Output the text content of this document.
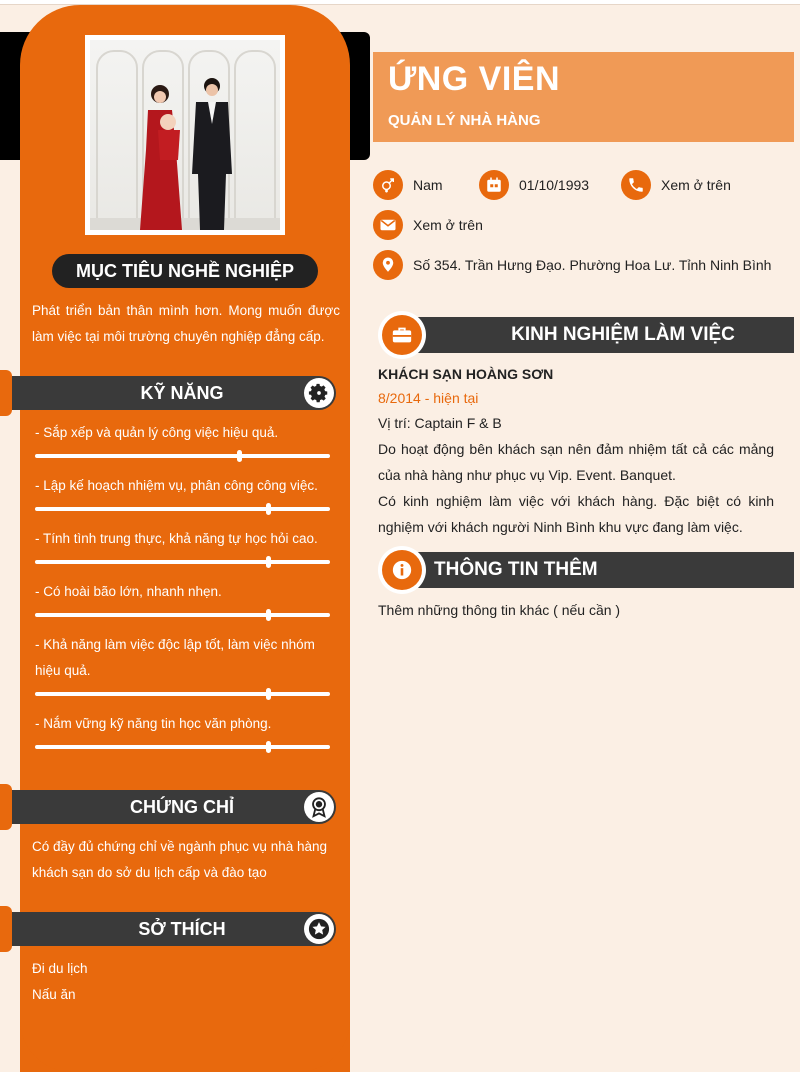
MỤC TIÊU NGHỀ NGHIỆP
Phát triển bản thân mình hơn. Mong muốn được làm việc tại môi trường chuyên nghiệp đẳng cấp.
KỸ NĂNG
- Sắp xếp và quản lý công việc hiệu quả.
- Lập kế hoạch nhiệm vụ, phân công công việc.
- Tính tình trung thực, khả năng tự học hỏi cao.
- Có hoài bão lớn, nhanh nhẹn.
- Khả năng làm việc độc lập tốt, làm việc nhóm hiệu quả.
- Nắm vững kỹ năng tin học văn phòng.
CHỨNG CHỈ
Có đầy đủ chứng chỉ về ngành phục vụ nhà hàng khách sạn do sở du lịch cấp và đào tạo
SỞ THÍCH
Đi du lịch
Nấu ăn
ỨNG VIÊN
QUẢN LÝ NHÀ HÀNG
Nam	01/10/1993	Xem ở trên
Xem ở trên
Số 354. Trần Hưng Đạo. Phường Hoa Lư. Tỉnh Ninh Bình
KINH NGHIỆM LÀM VIỆC
KHÁCH SẠN HOÀNG SƠN
8/2014 - hiện tại
Vị trí: Captain F & B
Do hoạt động bên khách sạn nên đảm nhiệm tất cả các mảng của nhà hàng như phục vụ Vip. Event. Banquet.
Có kinh nghiệm làm việc với khách hàng. Đặc biệt có kinh nghiệm với khách người Ninh Bình khu vực đang làm việc.
THÔNG TIN THÊM
Thêm những thông tin khác ( nếu cần )
